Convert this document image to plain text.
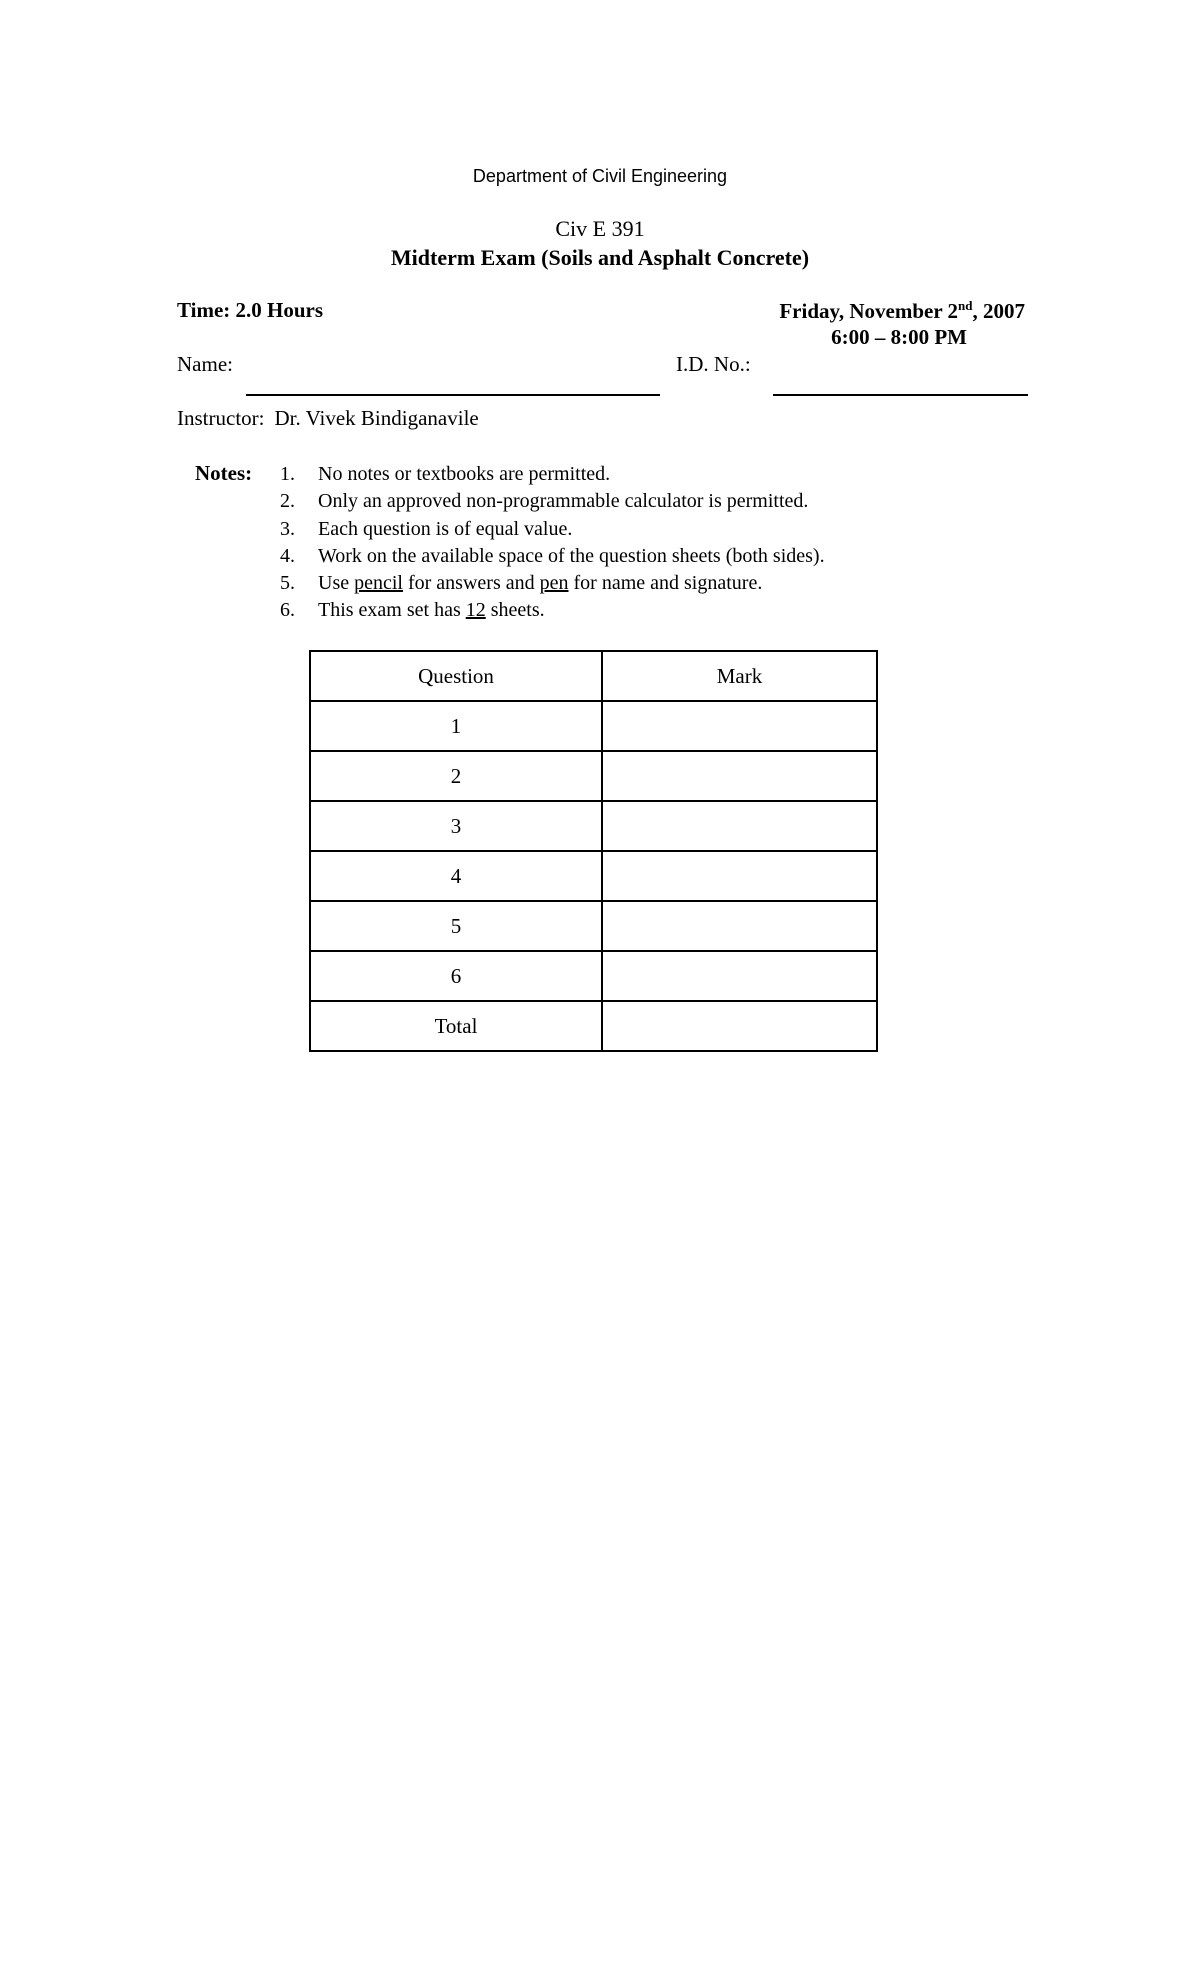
Department of Civil Engineering
Civ E 391
Midterm Exam (Soils and Asphalt Concrete)
Time: 2.0 Hours	Friday, November 2nd, 2007
6:00 – 8:00 PM
Name:	I.D. No.:
Instructor: Dr. Vivek Bindiganavile
Notes: 1.	No notes or textbooks are permitted.
2.	Only an approved non-programmable calculator is permitted.
3.	Each question is of equal value.
4.	Work on the available space of the question sheets (both sides).
5.	Use pencil for answers and pen for name and signature.
6.	This exam set has 12 sheets.
Question	Mark
1	
2	
3	
4	
5	
6	
Total	
